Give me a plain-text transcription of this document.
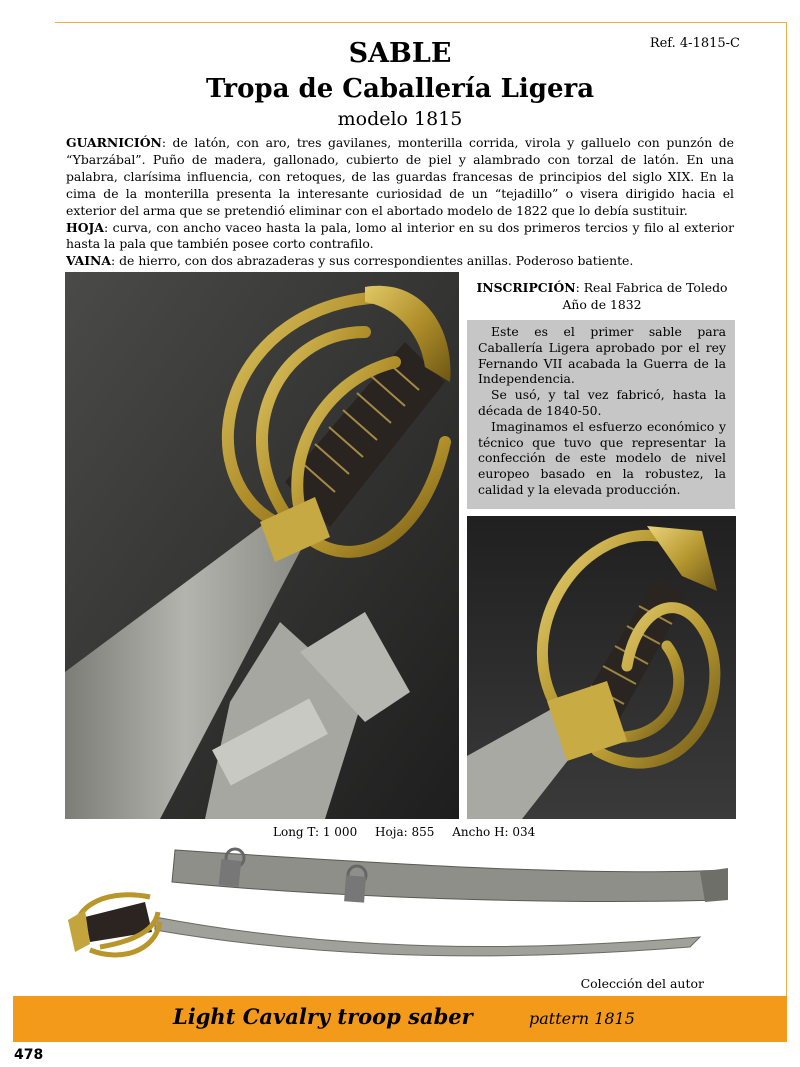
Ref. 4-1815-C
SABLE
Tropa de Caballería Ligera
modelo 1815

GUARNICIÓN: de latón, con aro, tres gavilanes, monterilla corrida, virola y galluelo con punzón de “Ybarzábal”. Puño de madera, gallonado, cubierto de piel y alambrado con torzal de latón. En una palabra, clarísima influencia, con retoques, de las guardas francesas de principios del siglo XIX. En la cima de la monterilla presenta la interesante curiosidad de un “tejadillo” o visera dirigido hacia el exterior del arma que se pretendió eliminar con el abortado modelo de 1822 que lo debía sustituir.

HOJA: curva, con ancho vaceo hasta la pala, lomo al interior en su dos primeros tercios y filo al exterior hasta la pala que también posee corto contrafilo.

VAINA: de hierro, con dos abrazaderas y sus correspondientes anillas. Poderoso batiente.

INSCRIPCIÓN: Real Fabrica de Toledo
Año de 1832

Este es el primer sable para Caballería Ligera aprobado por el rey Fernando VII acabada la Guerra de la Independencia.

Se usó, y tal vez fabricó, hasta la década de 1840-50.

Imaginamos el esfuerzo económico y técnico que tuvo que representar la confección de este modelo de nivel europeo basado en la robustez, la calidad y la elevada producción.

Long T: 1 000 Hoja: 855 Ancho H: 034
Colección del autor
Light Cavalry troop saber	pattern 1815
478
